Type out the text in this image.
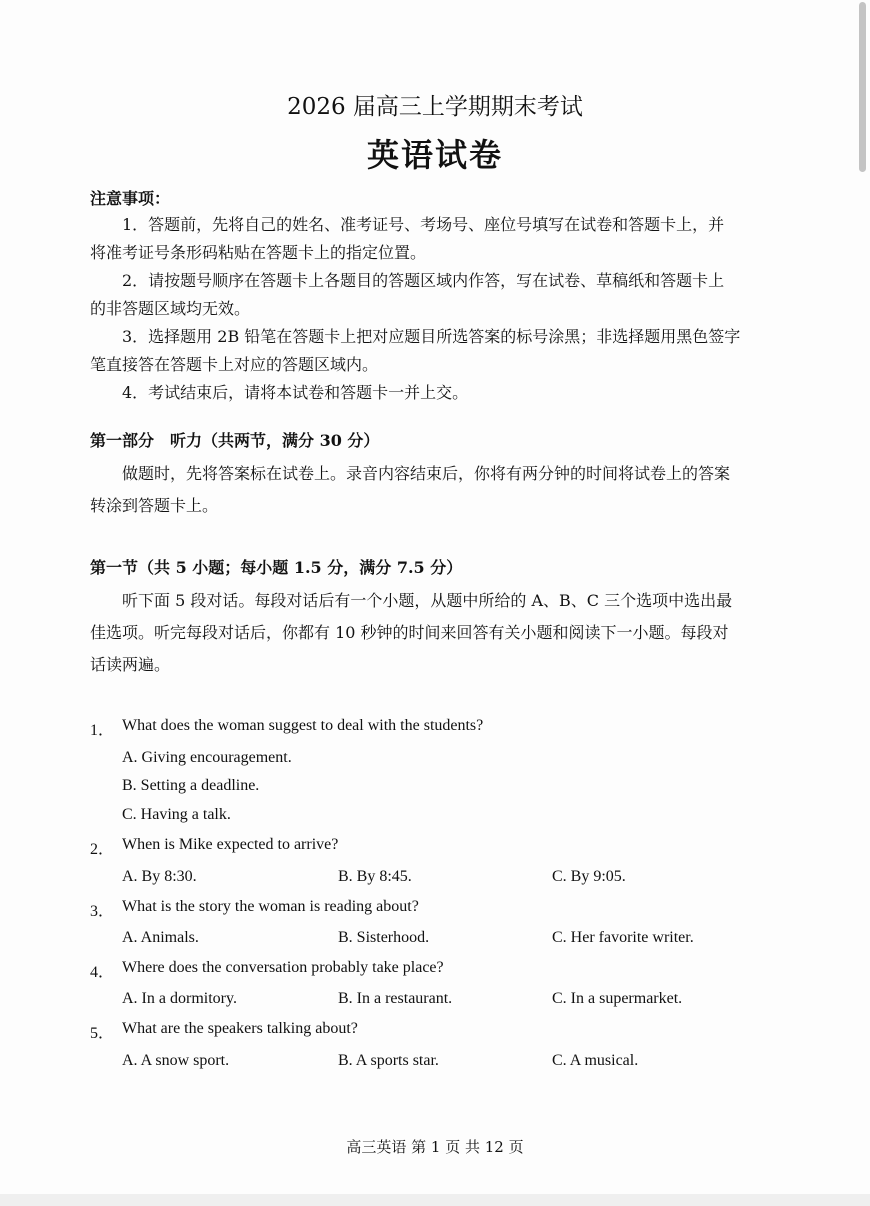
2026 届高三上学期期末考试
英语试卷
注意事项：
1．答题前，先将自己的姓名、准考证号、考场号、座位号填写在试卷和答题卡上，并
将准考证号条形码粘贴在答题卡上的指定位置。
2．请按题号顺序在答题卡上各题目的答题区域内作答，写在试卷、草稿纸和答题卡上
的非答题区域均无效。
3．选择题用 2B 铅笔在答题卡上把对应题目所选答案的标号涂黑；非选择题用黑色签字
笔直接答在答题卡上对应的答题区域内。
4．考试结束后，请将本试卷和答题卡一并上交。
第一部分　听力（共两节，满分 30 分）
做题时，先将答案标在试卷上。录音内容结束后，你将有两分钟的时间将试卷上的答案
转涂到答题卡上。
第一节（共 5 小题；每小题 1.5 分，满分 7.5 分）
听下面 5 段对话。每段对话后有一个小题，从题中所给的 A、B、C 三个选项中选出最
佳选项。听完每段对话后，你都有 10 秒钟的时间来回答有关小题和阅读下一小题。每段对
话读两遍。
1． What does the woman suggest to deal with the students?
A. Giving encouragement.
B. Setting a deadline.
C. Having a talk.
2． When is Mike expected to arrive?
A. By 8:30.	B. By 8:45.	C. By 9:05.
3． What is the story the woman is reading about?
A. Animals.	B. Sisterhood.	C. Her favorite writer.
4． Where does the conversation probably take place?
A. In a dormitory.	B. In a restaurant.	C. In a supermarket.
5． What are the speakers talking about?
A. A snow sport.	B. A sports star.	C. A musical.
高三英语 第 1 页 共 12 页
